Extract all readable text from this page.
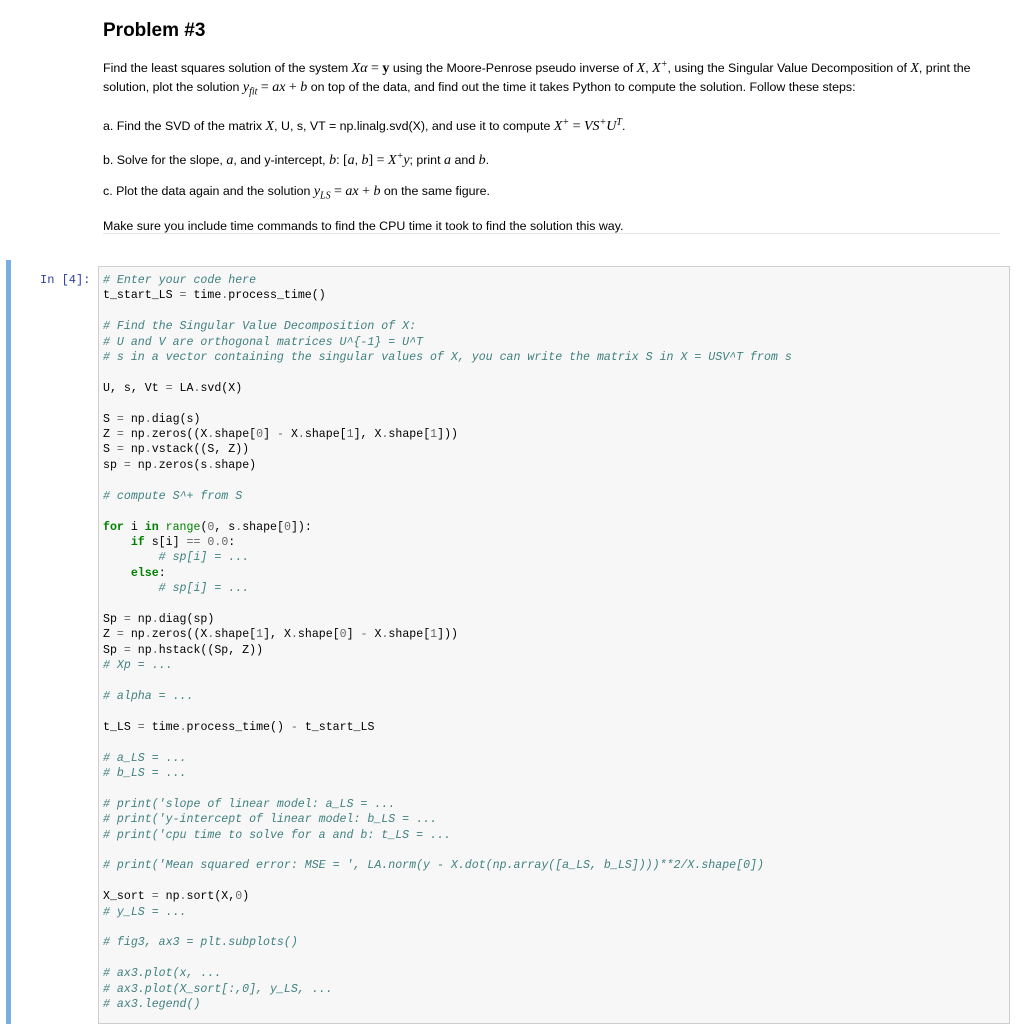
Problem #3

Find the least squares solution of the system Xα = y using the Moore-Penrose pseudo inverse of X, X+, using the Singular Value Decomposition of X, print the solution, plot the solution $y_{fit}$ = ax + b on top of the data, and find out the time it takes Python to compute the solution. Follow these steps:

a. Find the SVD of the matrix X, U, s, VT = np.linalg.svd(X), and use it to compute $X^+ = VS^+U^T$.

b. Solve for the slope, a, and y-intercept, b: [a, b] = X+y; print a and b.

c. Plot the data again and the solution $y_{LS}$ = ax + b on the same figure.

Make sure you include time commands to find the CPU time it took to find the solution this way.

In [4]:	# Enter your code here
t_start_LS = time.process_time()

# Find the Singular Value Decomposition of X:
# U and V are orthogonal matrices U^{-1} = U^T
# s in a vector containing the singular values of X, you can write the matrix S in X = USV^T from s

U, s, Vt = LA.svd(X)

S = np.diag(s)
Z = np.zeros((X.shape[0] - X.shape[1], X.shape[1]))
S = np.vstack((S, Z))
sp = np.zeros(s.shape)

# compute S^+ from S

for i in range(0, s.shape[0]):
if s[i] == 0.0:
# sp[i] = ...
else:
# sp[i] = ...

Sp = np.diag(sp)
Z = np.zeros((X.shape[1], X.shape[0] - X.shape[1]))
Sp = np.hstack((Sp, Z))
# Xp = ...

# alpha = ...

t_LS = time.process_time() - t_start_LS

# a_LS = ...
# b_LS = ...

# print('slope of linear model: a_LS = ...
# print('y-intercept of linear model: b_LS = ...
# print('cpu time to solve for a and b: t_LS = ...

# print('Mean squared error: MSE = ', LA.norm(y - X.dot(np.array([a_LS, b_LS])))**2/X.shape[0])

X_sort = np.sort(X,0)
# y_LS = ...

# fig3, ax3 = plt.subplots()

# ax3.plot(x, ...
# ax3.plot(X_sort[:,0], y_LS, ...
# ax3.legend()
